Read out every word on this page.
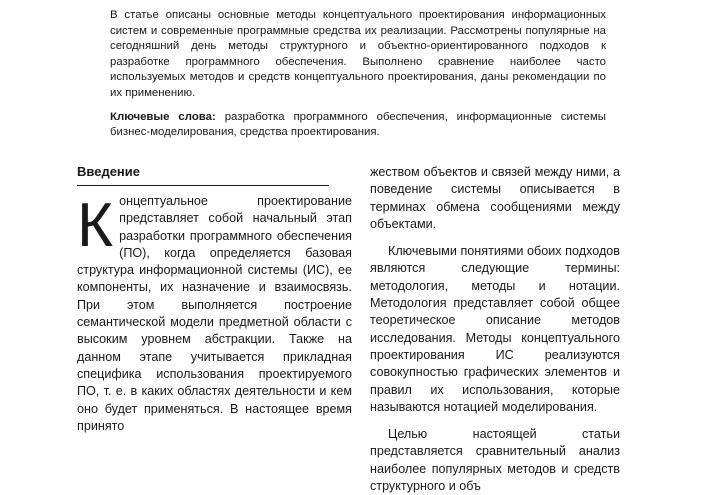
В статье описаны основные методы концептуального проектирования информационных систем и современные программные средства их реализации. Рассмотрены популярные на сегодняшний день методы структурного и объектно-ориентированного подходов к разработке программного обеспечения. Выполнено сравнение наиболее часто используемых методов и средств концептуального проектирования, даны рекомендации по их применению.

Ключевые слова: разработка программного обеспечения, информационные системы бизнес-моделирования, средства проектирования.

Введение

Концептуальное проектирование представляет собой начальный этап разработки программного обеспечения (ПО), когда определяется базовая структура информационной системы (ИС), ее компоненты, их назначение и взаимосвязь. При этом выполняется построение семантической модели предметной области с высоким уровнем абстракции. Также на данном этапе учитывается прикладная специфика использования проектируемого ПО, т. е. в каких областях деятельности и кем оно будет применяться. В настоящее время принято

жеством объектов и связей между ними, а поведение системы описывается в терминах обмена сообщениями между объектами.

Ключевыми понятиями обоих подходов являются следующие термины: методология, методы и нотации. Методология представляет собой общее теоретическое описание методов исследования. Методы концептуального проектирования ИС реализуются совокупностью графических элементов и правил их использования, которые называются нотацией моделирования.

Целью настоящей статьи представляется сравнительный анализ наиболее популярных методов и средств структурного и объ
